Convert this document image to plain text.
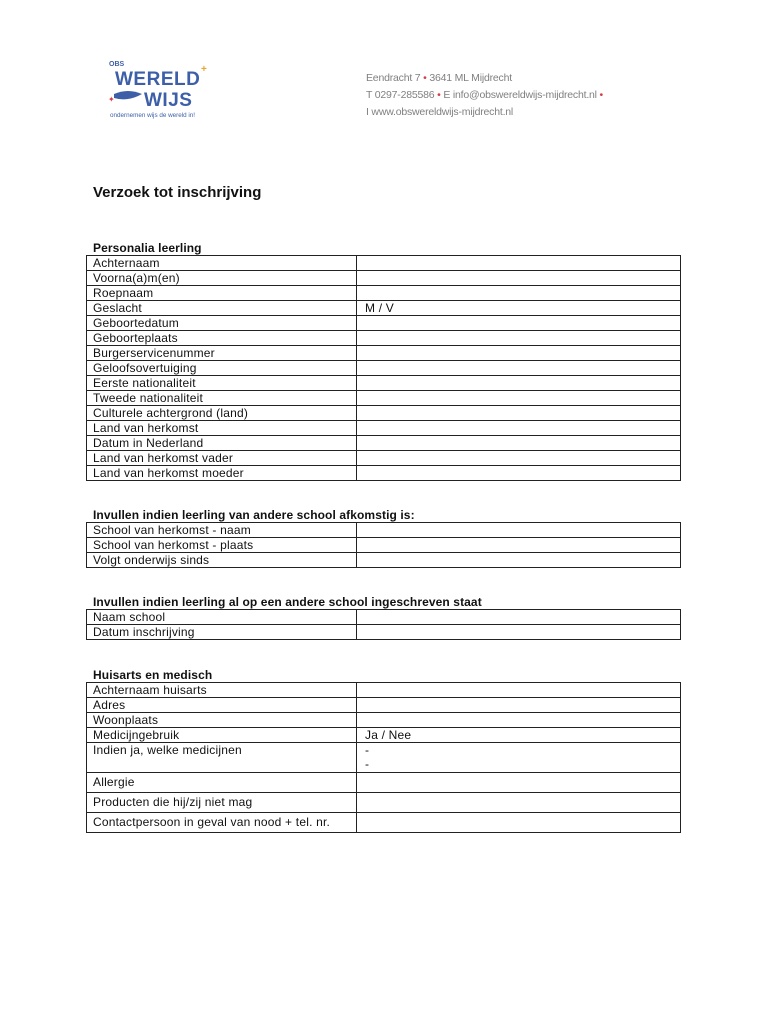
OBS
WERELD +
✦ WIJS
ondernemen wijs de wereld in!
Eendracht 7 • 3641 ML Mijdrecht
T 0297-285586 • E info@obswereldwijs-mijdrecht.nl •
I www.obswereldwijs-mijdrecht.nl
Verzoek tot inschrijving
Personalia leerling
Achternaam	
Voorna(a)m(en)	
Roepnaam	
Geslacht	M / V
Geboortedatum	
Geboorteplaats	
Burgerservicenummer	
Geloofsovertuiging	
Eerste nationaliteit	
Tweede nationaliteit	
Culturele achtergrond (land)	
Land van herkomst	
Datum in Nederland	
Land van herkomst vader	
Land van herkomst moeder	
Invullen indien leerling van andere school afkomstig is:
School van herkomst - naam	
School van herkomst - plaats	
Volgt onderwijs sinds	
Invullen indien leerling al op een andere school ingeschreven staat
Naam school	
Datum inschrijving	
Huisarts en medisch
Achternaam huisarts	
Adres	
Woonplaats	
Medicijngebruik	Ja / Nee
Indien ja, welke medicijnen	-
-

Allergie	
Producten die hij/zij niet mag	
Contactpersoon in geval van nood + tel. nr.	
